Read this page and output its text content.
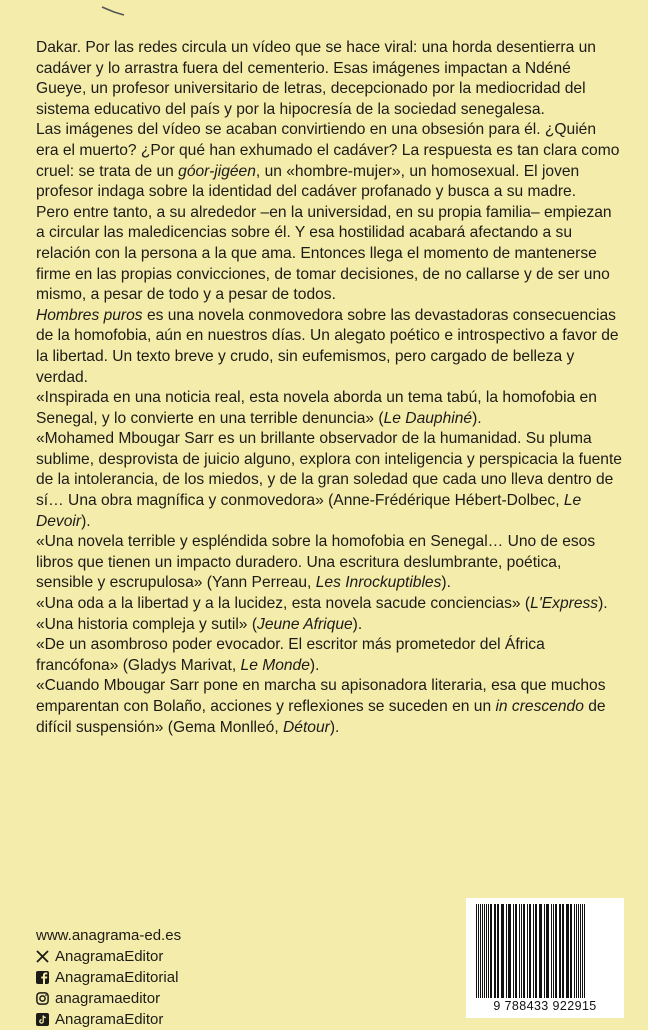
Dakar. Por las redes circula un vídeo que se hace viral: una horda desentierra un cadáver y lo arrastra fuera del cementerio. Esas imágenes impactan a Ndéné Gueye, un profesor universitario de letras, decepcionado por la mediocridad del sistema educativo del país y por la hipocresía de la sociedad senegalesa.

Las imágenes del vídeo se acaban convirtiendo en una obsesión para él. ¿Quién era el muerto? ¿Por qué han exhumado el cadáver? La respuesta es tan clara como cruel: se trata de un góor-jigéen, un «hombre-mujer», un homosexual. El joven profesor indaga sobre la identidad del cadáver profanado y busca a su madre.

Pero entre tanto, a su alrededor –en la universidad, en su propia familia– empiezan a circular las maledicencias sobre él. Y esa hostilidad acabará afectando a su relación con la persona a la que ama. Entonces llega el momento de mantenerse firme en las propias convicciones, de tomar decisiones, de no callarse y de ser uno mismo, a pesar de todo y a pesar de todos.

Hombres puros es una novela conmovedora sobre las devastadoras consecuencias de la homofobia, aún en nuestros días. Un alegato poético e introspectivo a favor de la libertad. Un texto breve y crudo, sin eufemismos, pero cargado de belleza y verdad.

«Inspirada en una noticia real, esta novela aborda un tema tabú, la homofobia en Senegal, y lo convierte en una terrible denuncia» (Le Dauphiné).

«Mohamed Mbougar Sarr es un brillante observador de la humanidad. Su pluma sublime, desprovista de juicio alguno, explora con inteligencia y perspicacia la fuente de la intolerancia, de los miedos, y de la gran soledad que cada uno lleva dentro de sí… Una obra magnífica y conmovedora» (Anne-Frédérique Hébert-Dolbec, Le Devoir).

«Una novela terrible y espléndida sobre la homofobia en Senegal… Uno de esos libros que tienen un impacto duradero. Una escritura deslumbrante, poética, sensible y escrupulosa» (Yann Perreau, Les Inrockuptibles).

«Una oda a la libertad y a la lucidez, esta novela sacude conciencias» (L'Express).

«Una historia compleja y sutil» (Jeune Afrique).

«De un asombroso poder evocador. El escritor más prometedor del África francófona» (Gladys Marivat, Le Monde).

«Cuando Mbougar Sarr pone en marcha su apisonadora literaria, esa que muchos emparentan con Bolaño, acciones y reflexiones se suceden en un in crescendo de difícil suspensión» (Gema Monlleó, Détour).

www.anagrama-ed.es
AnagramaEditor
AnagramaEditorial
anagramaeditor
AnagramaEditor
9 788433 922915
